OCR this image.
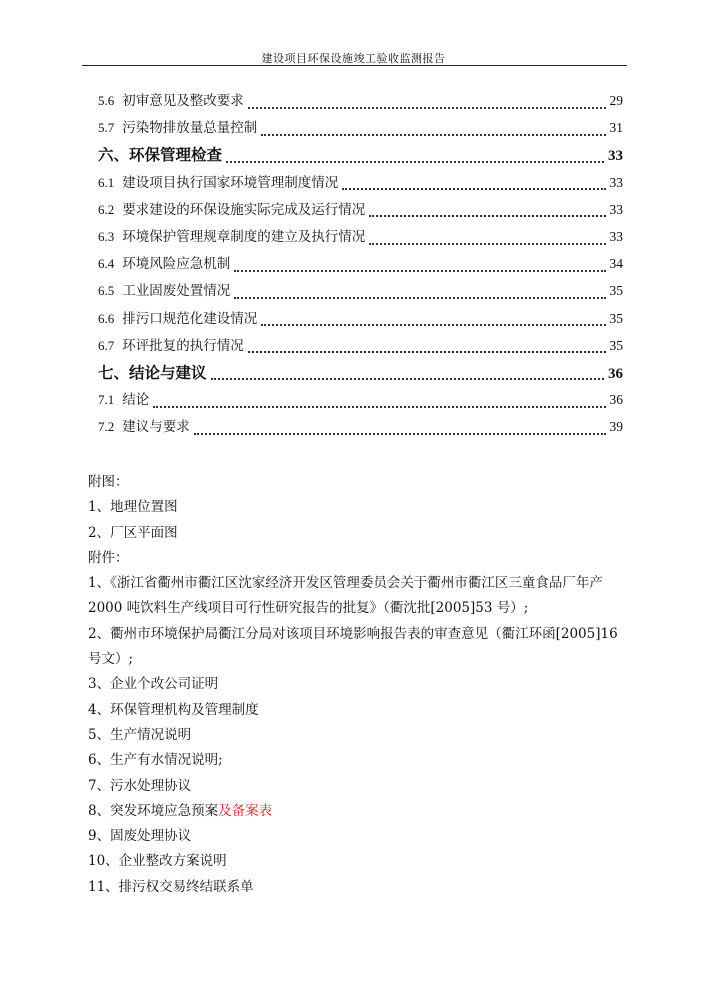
建设项目环保设施竣工验收监测报告
5.6 初审意见及整改要求	29
5.7 污染物排放量总量控制	31
六、环保管理检查	33
6.1 建设项目执行国家环境管理制度情况	33
6.2 要求建设的环保设施实际完成及运行情况	33
6.3 环境保护管理规章制度的建立及执行情况	33
6.4 环境风险应急机制	34
6.5 工业固废处置情况	35
6.6 排污口规范化建设情况	35
6.7 环评批复的执行情况	35
七、结论与建议	36
7.1 结论	36
7.2 建议与要求	39

附图：

1、地理位置图

2、厂区平面图

附件：

1、《浙江省衢州市衢江区沈家经济开发区管理委员会关于衢州市衢江区三童食品厂年产

2000 吨饮料生产线项目可行性研究报告的批复》（衢沈批[2005]53 号）;

2、衢州市环境保护局衢江分局对该项目环境影响报告表的审查意见（衢江环函[2005]16

号文）;

3、企业个改公司证明

4、环保管理机构及管理制度

5、生产情况说明

6、生产有水情况说明;

7、污水处理协议

8、突发环境应急预案及备案表

9、固废处理协议

10、企业整改方案说明

11、排污权交易终结联系单
